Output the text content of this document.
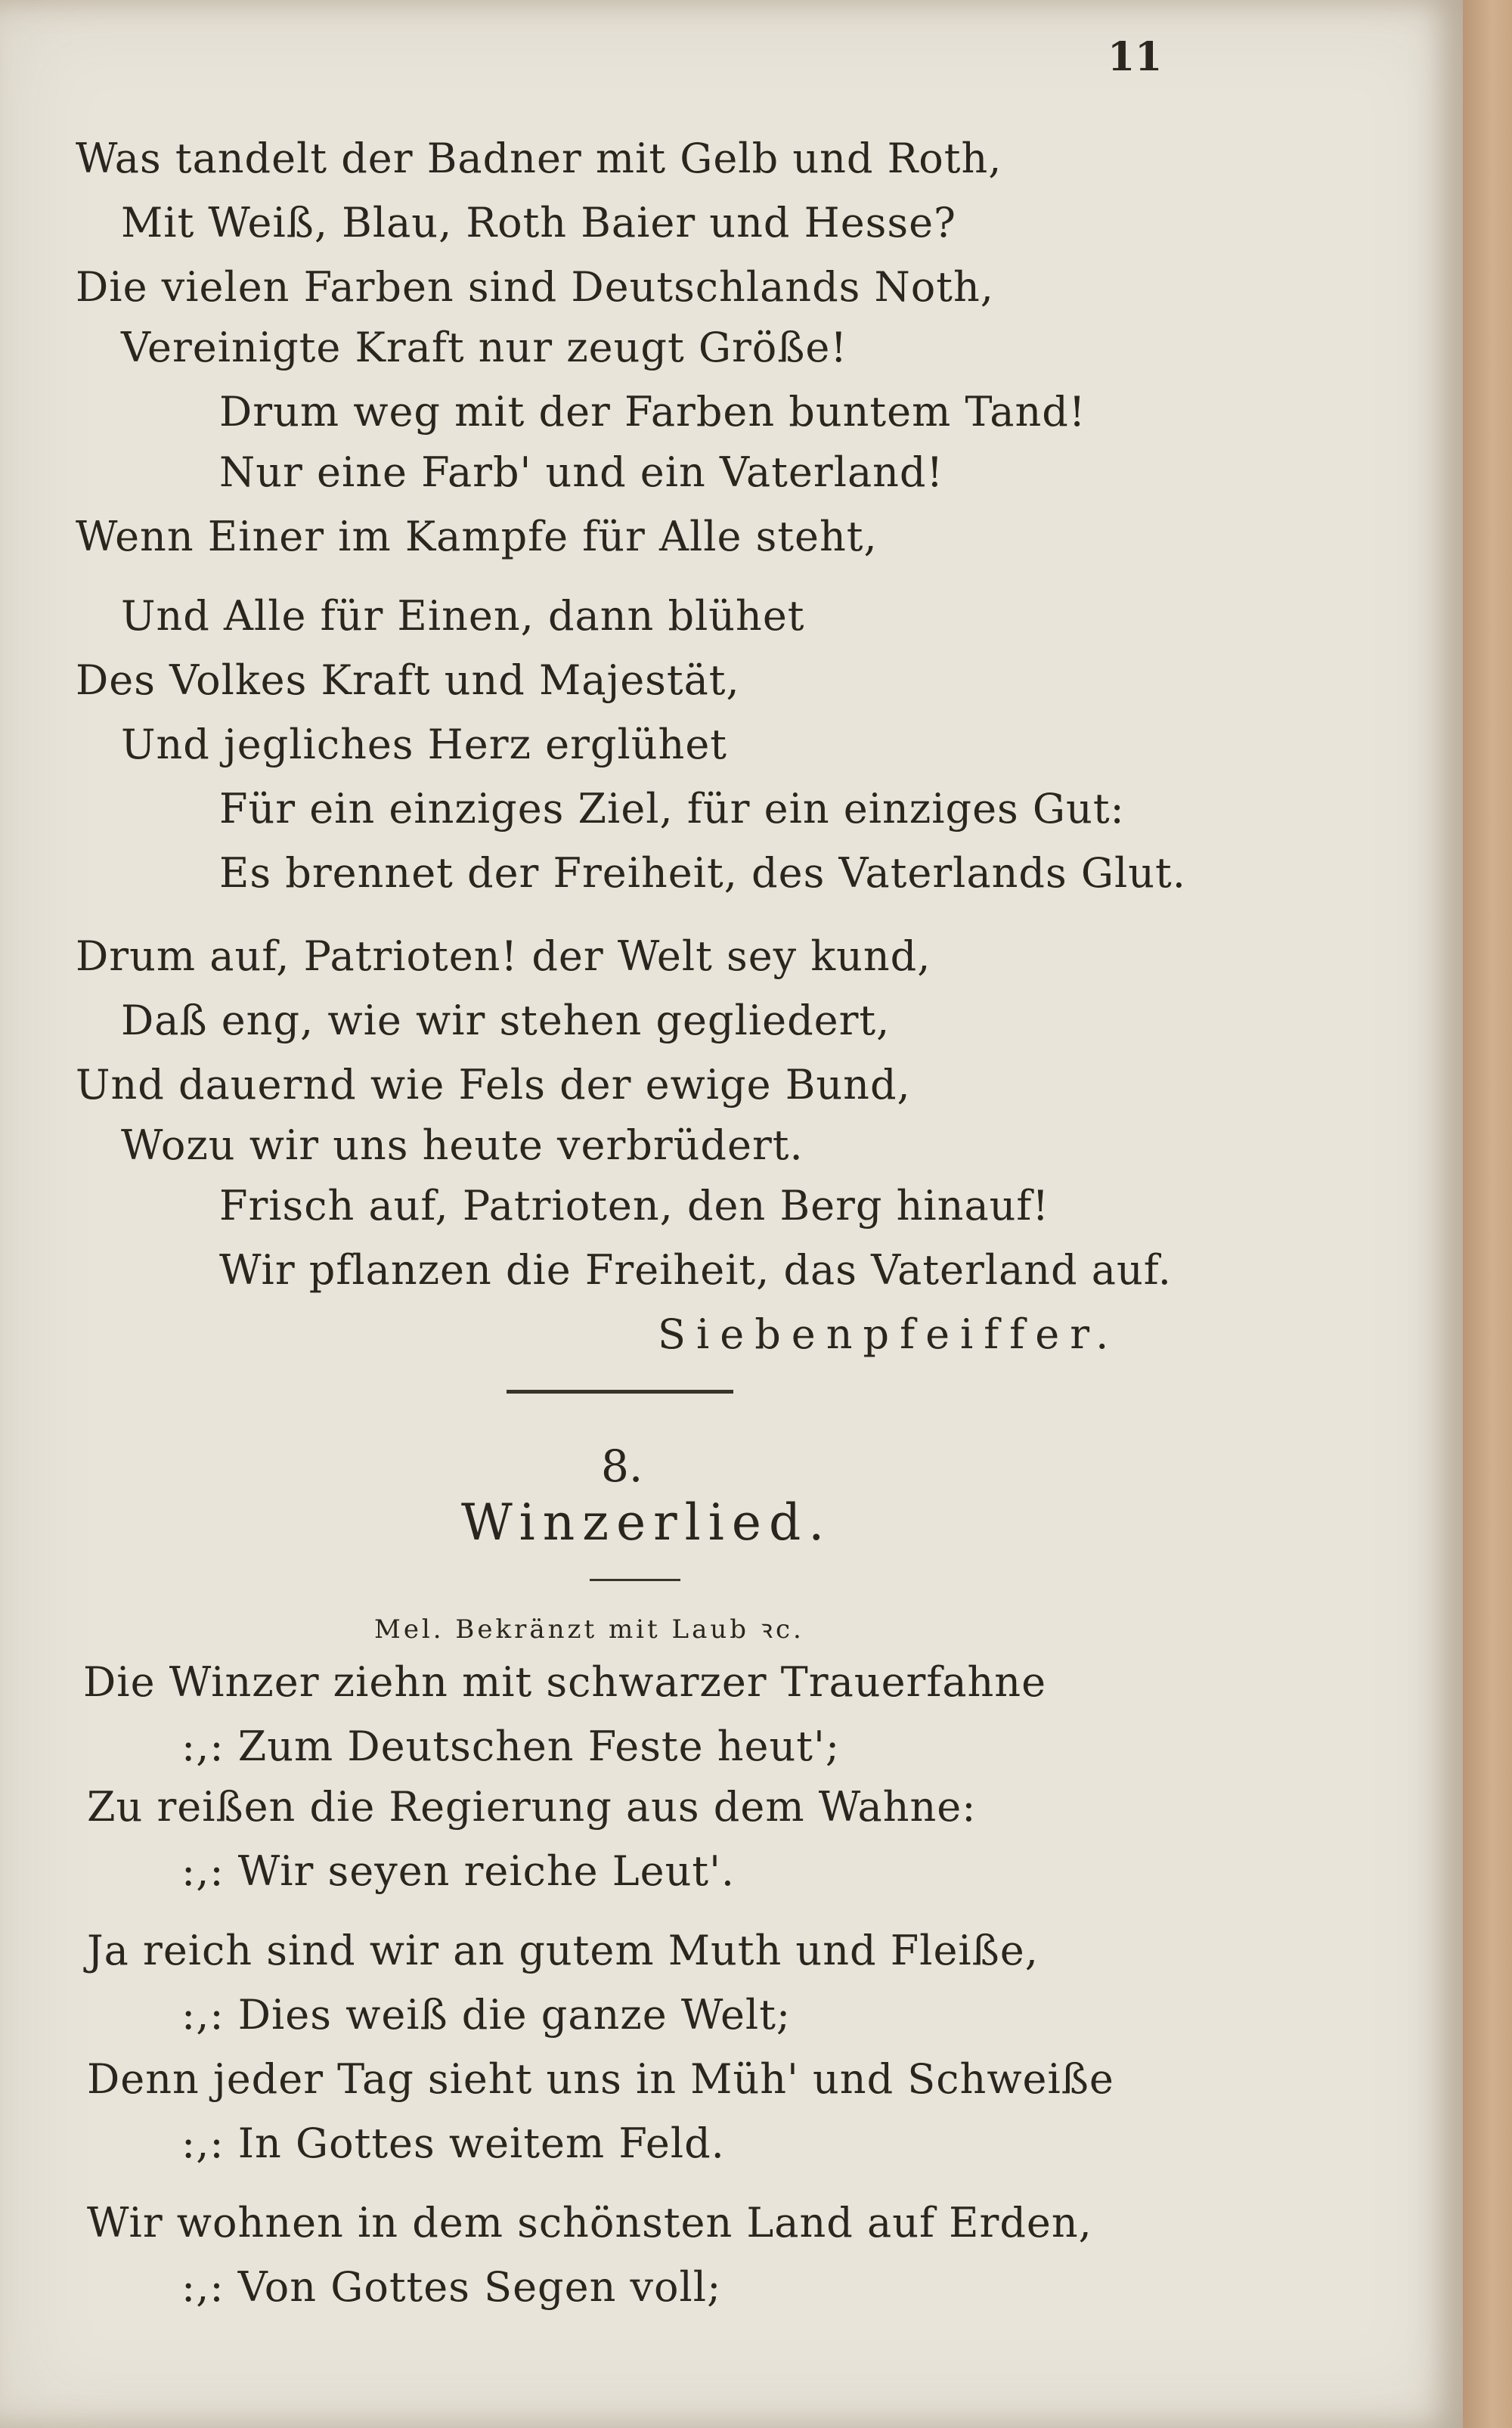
11
Was tandelt der Badner mit Gelb und Roth,
Mit Weiß, Blau, Roth Baier und Hesse?
Die vielen Farben sind Deutschlands Noth,
Vereinigte Kraft nur zeugt Größe!
Drum weg mit der Farben buntem Tand!
Nur eine Farb' und ein Vaterland!
Wenn Einer im Kampfe für Alle steht,
Und Alle für Einen, dann blühet
Des Volkes Kraft und Majestät,
Und jegliches Herz erglühet
Für ein einziges Ziel, für ein einziges Gut:
Es brennet der Freiheit, des Vaterlands Glut.
Drum auf, Patrioten! der Welt sey kund,
Daß eng, wie wir stehen gegliedert,
Und dauernd wie Fels der ewige Bund,
Wozu wir uns heute verbrüdert.
Frisch auf, Patrioten, den Berg hinauf!
Wir pflanzen die Freiheit, das Vaterland auf.
Siebenpfeiffer.
8.
Winzerlied.
Mel. Bekränzt mit Laub ꝛc.
Die Winzer ziehn mit schwarzer Trauerfahne
:,: Zum Deutschen Feste heut';
Zu reißen die Regierung aus dem Wahne:
:,: Wir seyen reiche Leut'.
Ja reich sind wir an gutem Muth und Fleiße,
:,: Dies weiß die ganze Welt;
Denn jeder Tag sieht uns in Müh' und Schweiße
:,: In Gottes weitem Feld.
Wir wohnen in dem schönsten Land auf Erden,
:,: Von Gottes Segen voll;
